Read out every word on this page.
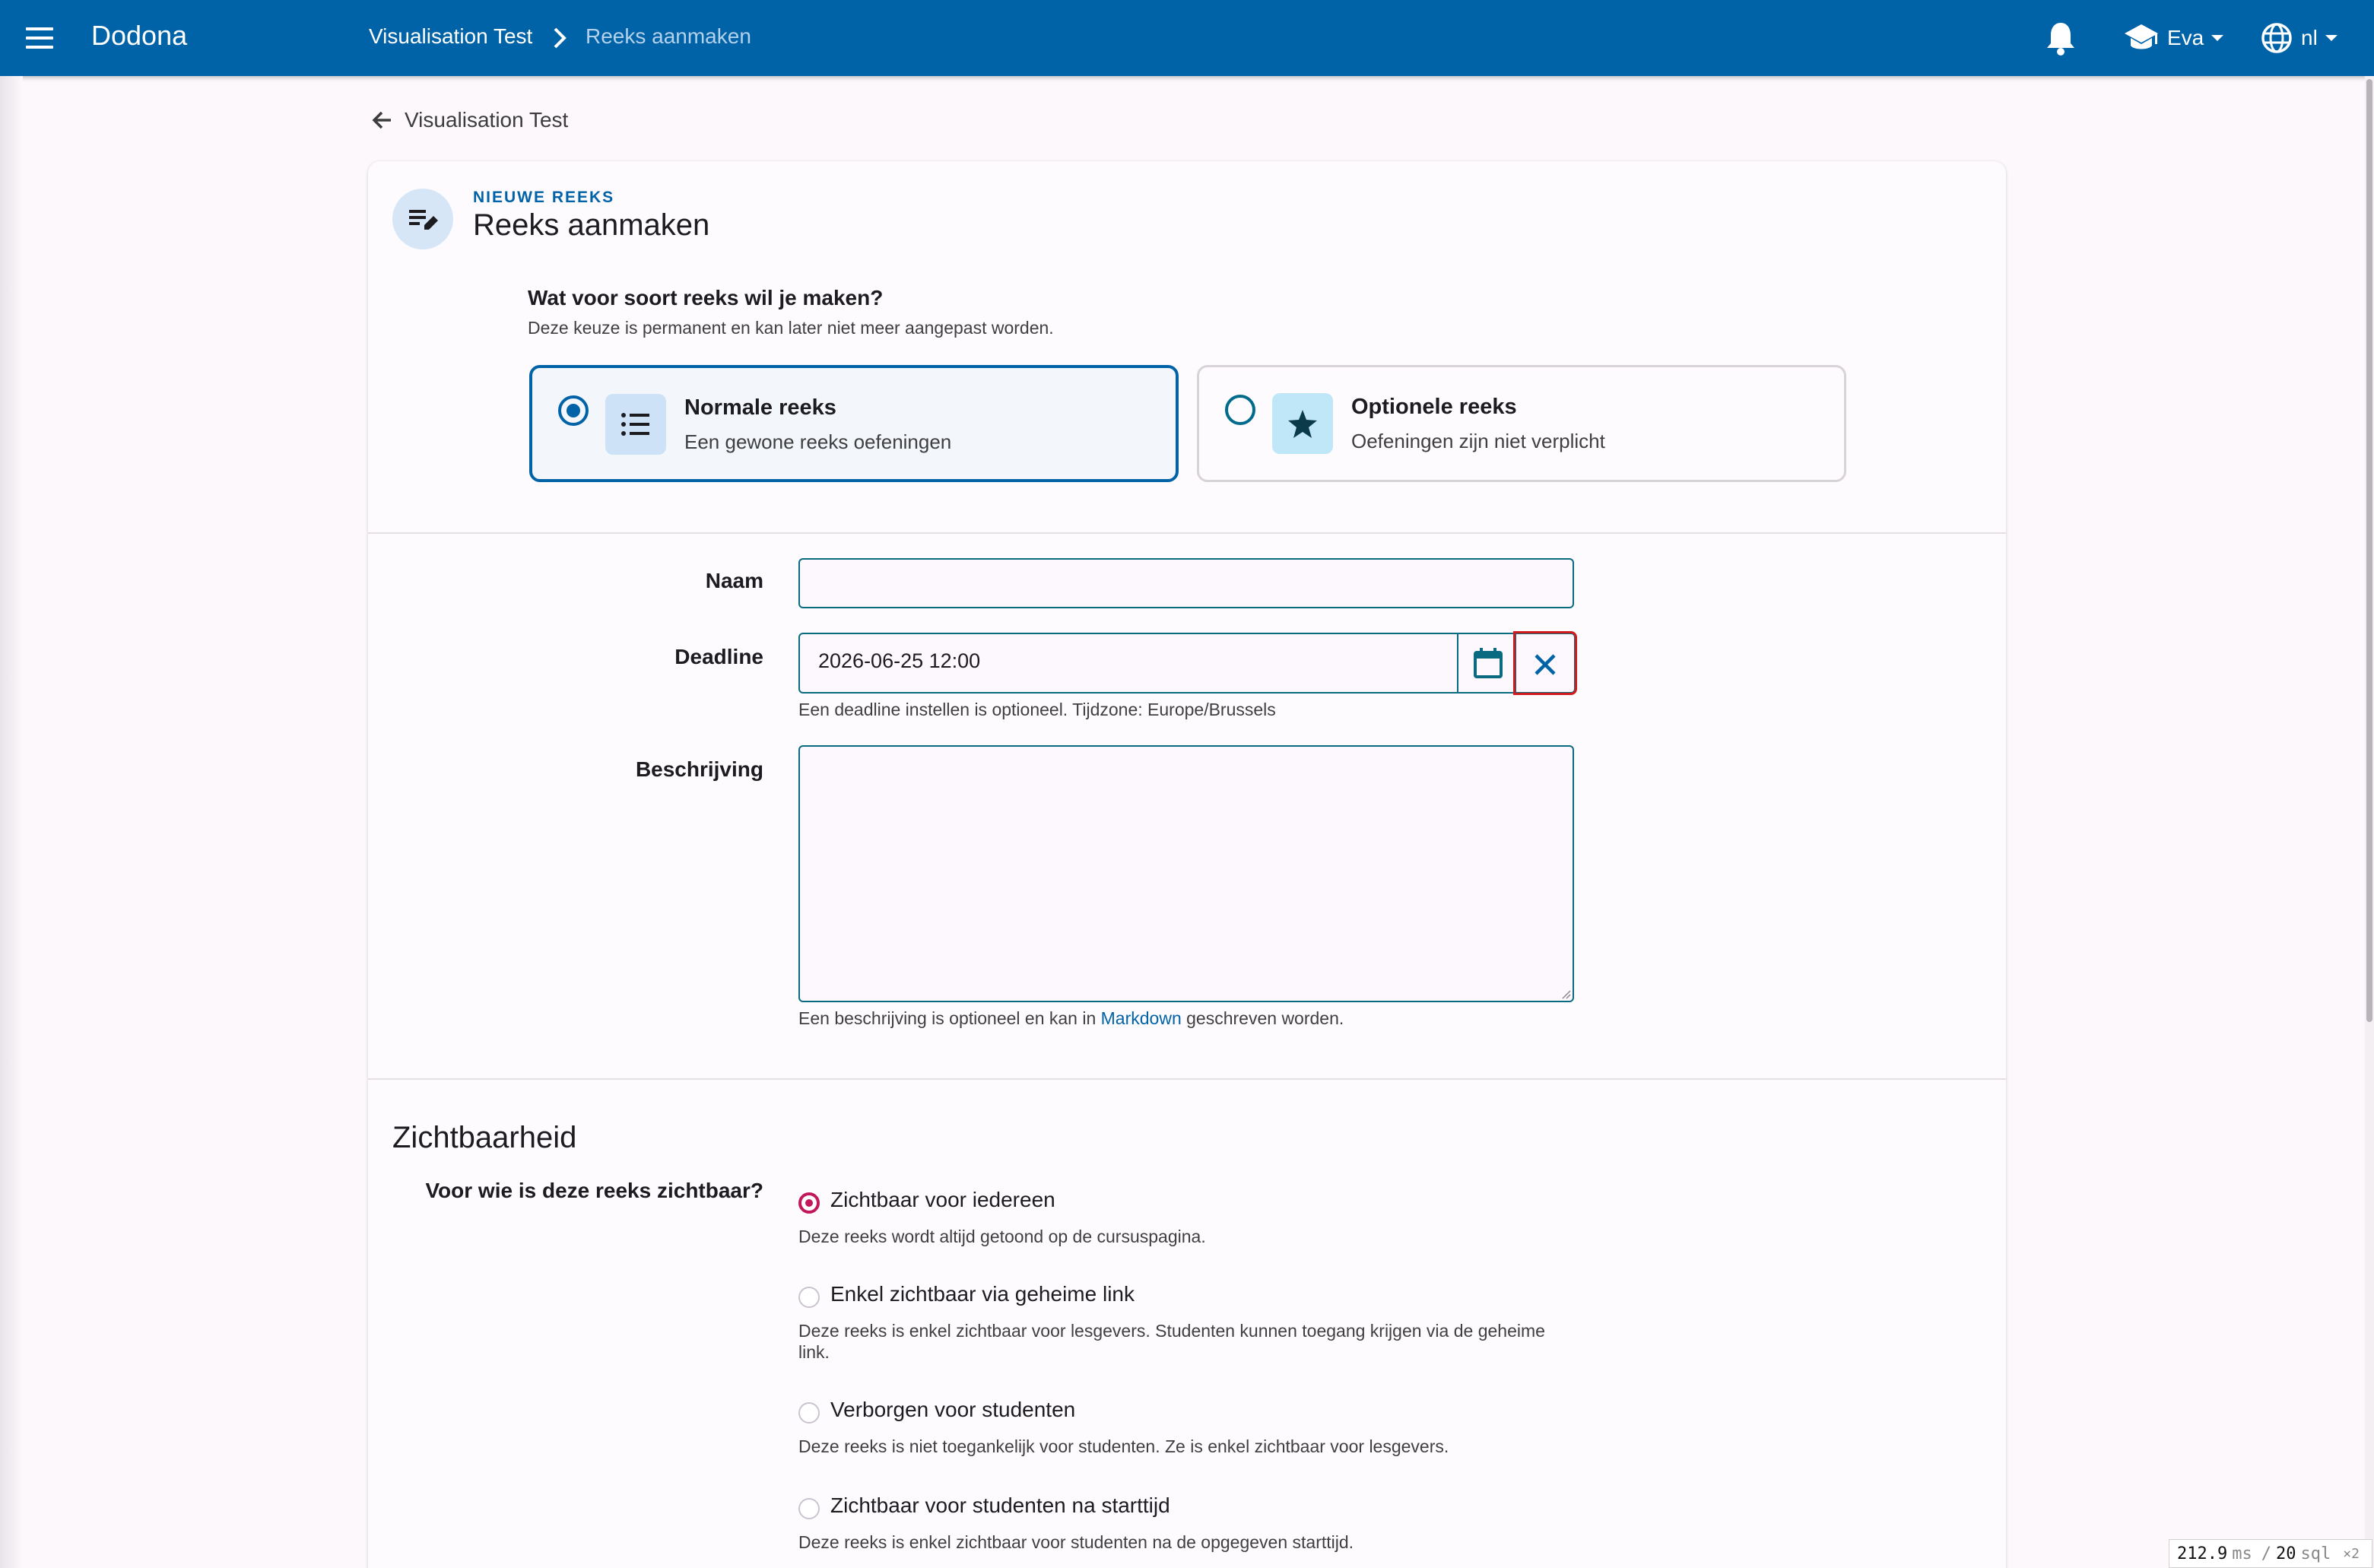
Dodona	Visualisation Test Reeks aanmaken	Eva	nl
Visualisation Test
NIEUWE REEKS
Reeks aanmaken
Wat voor soort reeks wil je maken?
Deze keuze is permanent en kan later niet meer aangepast worden.
Normale reeks
Een gewone reeks oefeningen
Optionele reeks
Oefeningen zijn niet verplicht
Naam
Deadline	2026-06-25 12:00
Een deadline instellen is optioneel. Tijdzone: Europe/Brussels
Beschrijving
Een beschrijving is optioneel en kan in Markdown geschreven worden.
Zichtbaarheid
Voor wie is deze reeks zichtbaar?	Zichtbaar voor iedereen
Deze reeks wordt altijd getoond op de cursuspagina.
Enkel zichtbaar via geheime link
Deze reeks is enkel zichtbaar voor lesgevers. Studenten kunnen toegang krijgen via de geheime link.
Verborgen voor studenten
Deze reeks is niet toegankelijk voor studenten. Ze is enkel zichtbaar voor lesgevers.
Zichtbaar voor studenten na starttijd
Deze reeks is enkel zichtbaar voor studenten na de opgegeven starttijd.
212.9 ms / 20 sql ×2
